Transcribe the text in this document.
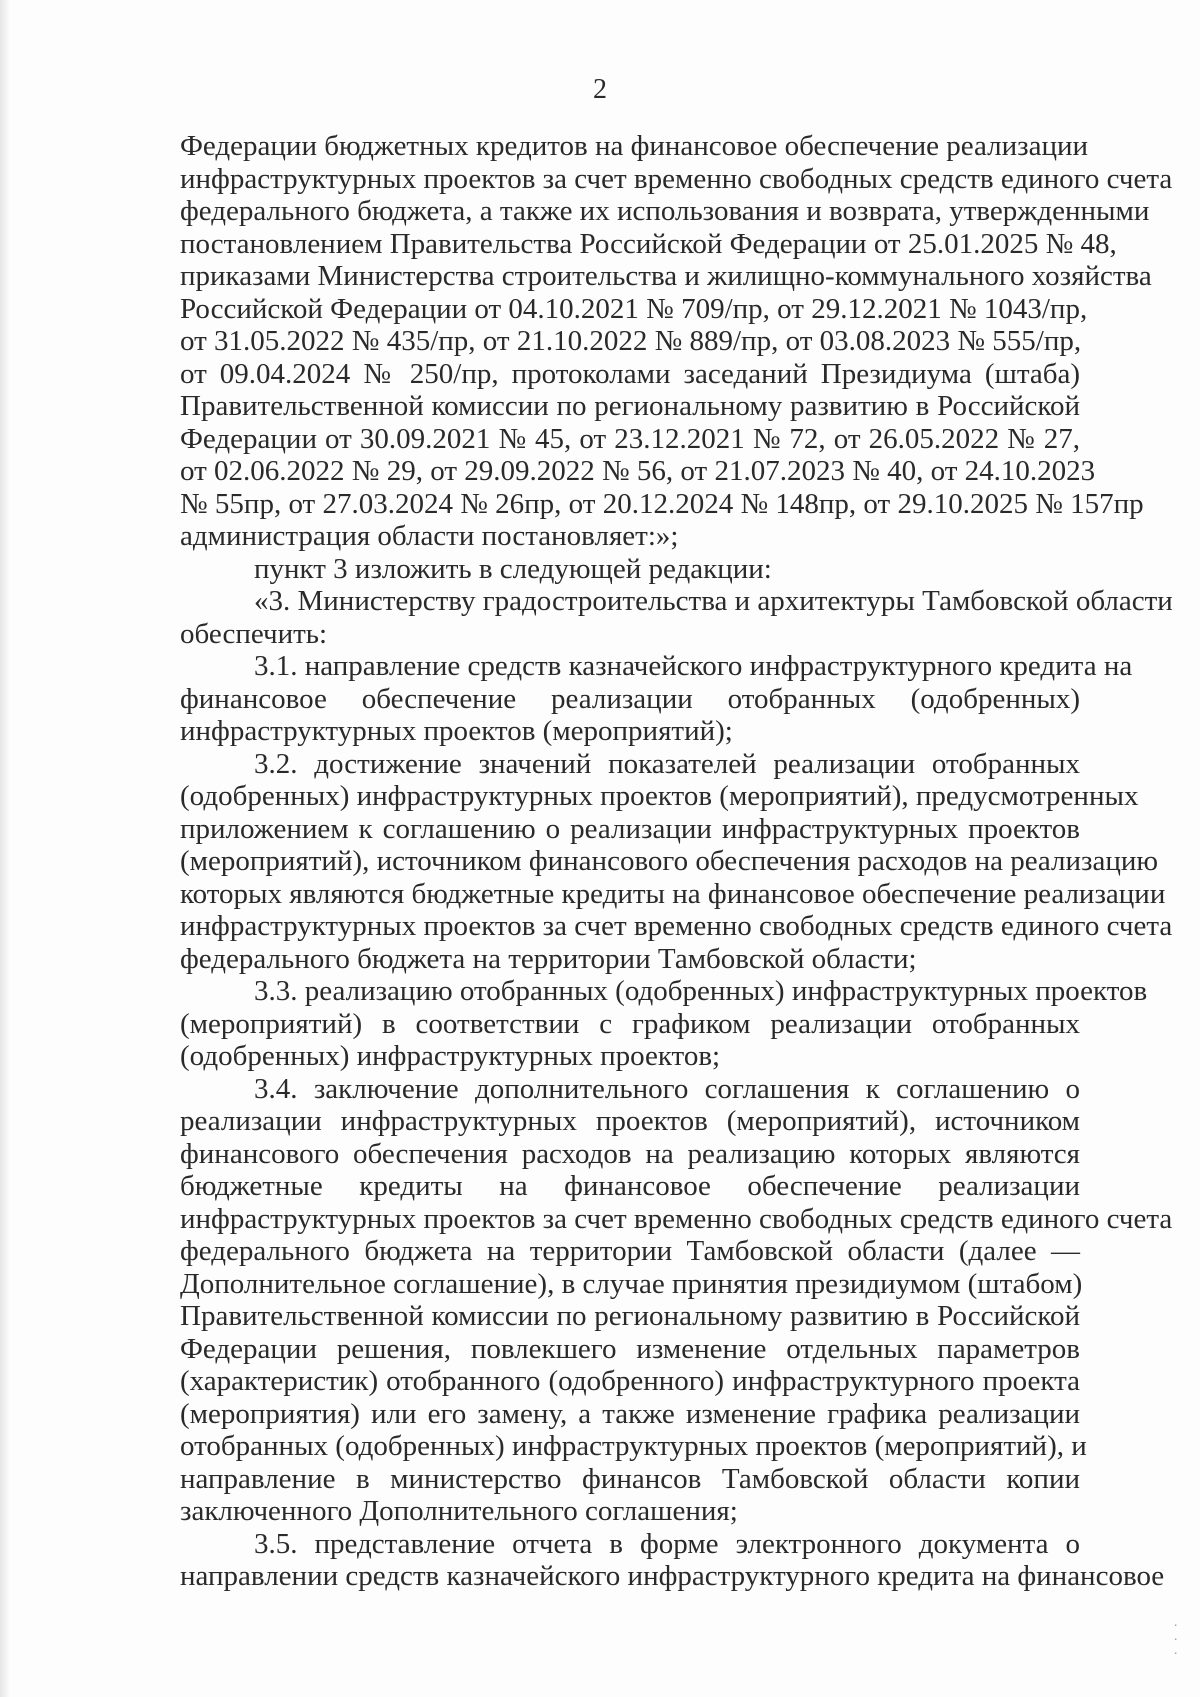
2
Федерации бюджетных кредитов на финансовое обеспечение реализации
инфраструктурных проектов за счет временно свободных средств единого счета
федерального бюджета, а также их использования и возврата, утвержденными
постановлением Правительства Российской Федерации от 25.01.2025 № 48,
приказами Министерства строительства и жилищно-коммунального хозяйства
Российской Федерации от 04.10.2021 № 709/пр, от 29.12.2021 № 1043/пр,
от 31.05.2022 № 435/пр, от 21.10.2022 № 889/пр, от 03.08.2023 № 555/пр,
от 09.04.2024 № 250/пр, протоколами заседаний Президиума (штаба)
Правительственной комиссии по региональному развитию в Российской
Федерации от 30.09.2021 № 45, от 23.12.2021 № 72, от 26.05.2022 № 27,
от 02.06.2022 № 29, от 29.09.2022 № 56, от 21.07.2023 № 40, от 24.10.2023
№ 55пр, от 27.03.2024 № 26пр, от 20.12.2024 № 148пр, от 29.10.2025 № 157пр
администрация области постановляет:»;
пункт 3 изложить в следующей редакции:
«3. Министерству градостроительства и архитектуры Тамбовской области
обеспечить:
3.1. направление средств казначейского инфраструктурного кредита на
финансовое обеспечение реализации отобранных (одобренных)
инфраструктурных проектов (мероприятий);
3.2. достижение значений показателей реализации отобранных
(одобренных) инфраструктурных проектов (мероприятий), предусмотренных
приложением к соглашению о реализации инфраструктурных проектов
(мероприятий), источником финансового обеспечения расходов на реализацию
которых являются бюджетные кредиты на финансовое обеспечение реализации
инфраструктурных проектов за счет временно свободных средств единого счета
федерального бюджета на территории Тамбовской области;
3.3. реализацию отобранных (одобренных) инфраструктурных проектов
(мероприятий) в соответствии с графиком реализации отобранных
(одобренных) инфраструктурных проектов;
3.4. заключение дополнительного соглашения к соглашению о
реализации инфраструктурных проектов (мероприятий), источником
финансового обеспечения расходов на реализацию которых являются
бюджетные кредиты на финансовое обеспечение реализации
инфраструктурных проектов за счет временно свободных средств единого счета
федерального бюджета на территории Тамбовской области (далее —
Дополнительное соглашение), в случае принятия президиумом (штабом)
Правительственной комиссии по региональному развитию в Российской
Федерации решения, повлекшего изменение отдельных параметров
(характеристик) отобранного (одобренного) инфраструктурного проекта
(мероприятия) или его замену, а также изменение графика реализации
отобранных (одобренных) инфраструктурных проектов (мероприятий), и
направление в министерство финансов Тамбовской области копии
заключенного Дополнительного соглашения;
3.5. представление отчета в форме электронного документа о
направлении средств казначейского инфраструктурного кредита на финансовое
·
·
·
